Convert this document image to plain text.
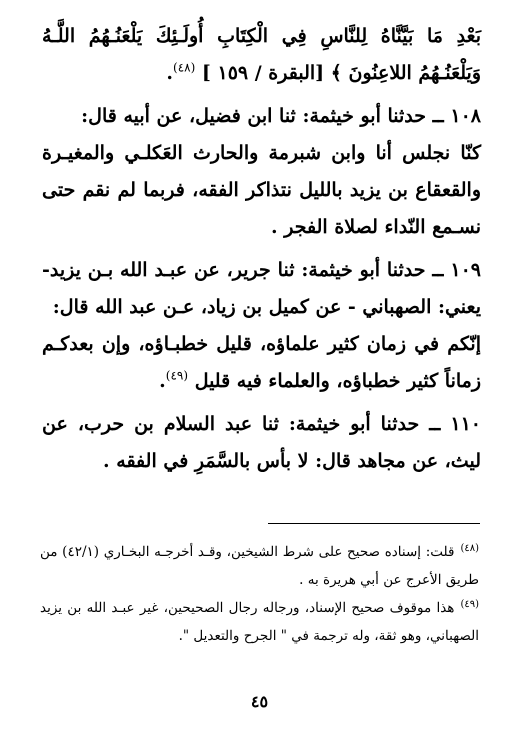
بَعْدِ مَا بَيَّنَّاهُ لِلنَّاسِ فِي الْكِتَابِ أُولَـئِكَ يَلْعَنُـهُمُ اللَّـهُ وَيَلْعَنُـهُمُ اللاعِنُونَ ﴾ [البقرة / ١٥٩ ] $^{(٤٨)}$.

١٠٨ ــ حدثنا أبو خيثمة: ثنا ابن فضيل، عن أبيه قال:

كنّا نجلس أنا وابن شبرمة والحارث العَكلـي والمغيـرة والقعقاع بن يزيد بالليل نتذاكر الفقه، فربما لم نقم حتى نسـمع النّداء لصلاة الفجر .

١٠٩ ــ حدثنا أبو خيثمة: ثنا جرير، عن عبـد الله بـن يزيد- يعني: الصهباني - عن كميل بن زياد، عـن عبد الله قال:

إنّكم في زمان كثير علماؤه، قليل خطبـاؤه، وإن بعدكـم زماناً كثير خطباؤه، والعلماء فيه قليل $^{(٤٩)}$.

١١٠ ــ حدثنا أبو خيثمة: ثنا عبد السلام بن حرب، عن ليث، عن مجاهد قال: لا بأس بالسَّمَرِ في الفقه .

$^{(٤٨)}$قلت: إسناده صحيح على شرط الشيخين، وقـد أخرجـه البخـاري (٤٢/١) من طريق الأعرج عن أبي هريرة به .

$^{(٤٩)}$هذا موقوف صحيح الإسناد، ورجاله رجال الصحيحين، غير عبـد الله بن يزيد الصهباني، وهو ثقة، وله ترجمة في " الجرح والتعديل ".

٤٥
